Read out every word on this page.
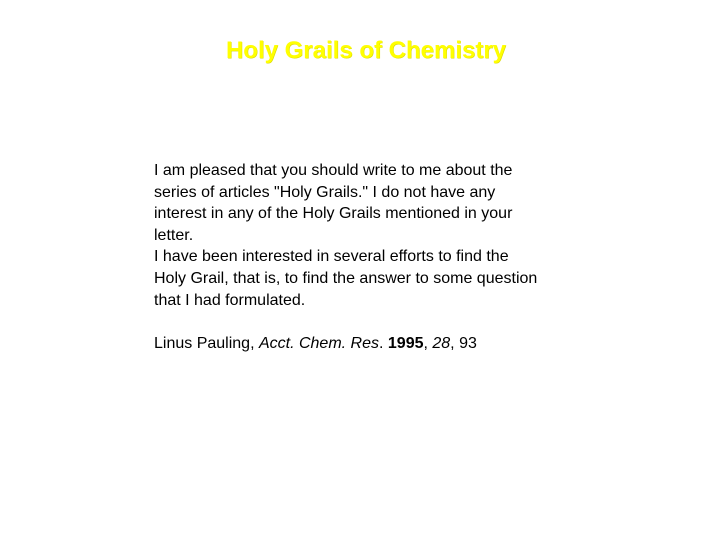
Holy Grails of Chemistry
I am pleased that you should write to me about the
series of articles "Holy Grails." I do not have any
interest in any of the Holy Grails mentioned in your
letter.
I have been interested in several efforts to find the
Holy Grail, that is, to find the answer to some question
that I had formulated.
Linus Pauling, Acct. Chem. Res. 1995, 28, 93
